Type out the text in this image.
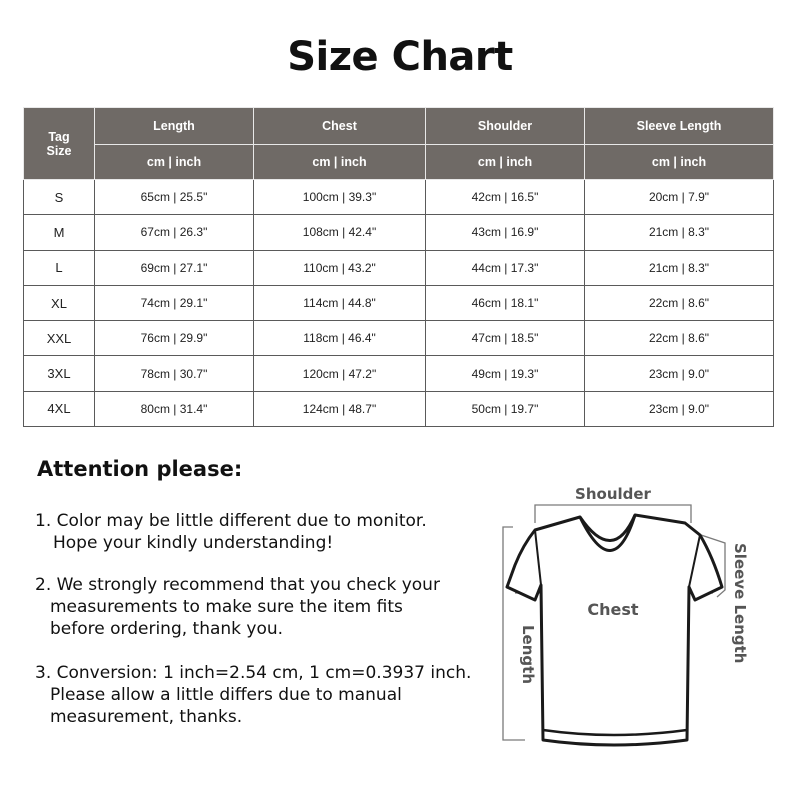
Size Chart
Tag
Size	Length	Chest	Shoulder	Sleeve Length
	cm | inch	cm | inch	cm | inch	cm | inch
S	65cm | 25.5"	100cm | 39.3"	42cm | 16.5"	20cm | 7.9"
M	67cm | 26.3"	108cm | 42.4"	43cm | 16.9"	21cm | 8.3"
L	69cm | 27.1"	110cm | 43.2"	44cm | 17.3"	21cm | 8.3"
XL	74cm | 29.1"	114cm | 44.8"	46cm | 18.1"	22cm | 8.6"
XXL	76cm | 29.9"	118cm | 46.4"	47cm | 18.5"	22cm | 8.6"
3XL	78cm | 30.7"	120cm | 47.2"	49cm | 19.3"	23cm | 9.0"
4XL	80cm | 31.4"	124cm | 48.7"	50cm | 19.7"	23cm | 9.0"
Attention please:
1. Color may be little different due to monitor.
Hope your kindly understanding!
2. We strongly recommend that you check your
measurements to make sure the item fits
before ordering, thank you.
3. Conversion: 1 inch=2.54 cm, 1 cm=0.3937 inch.
Please allow a little differs due to manual
measurement, thanks.
Shoulder
Chest
Length	Sleeve Length
